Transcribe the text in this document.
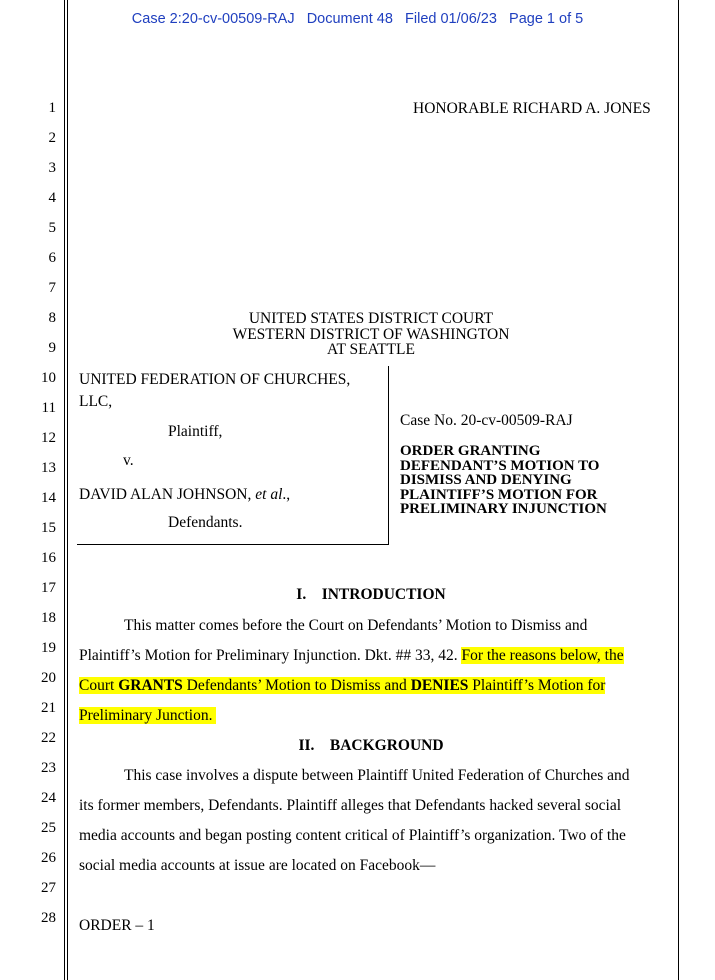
Case 2:20-cv-00509-RAJ Document 48 Filed 01/06/23 Page 1 of 5
1
2
3
4
5
6
7
8
9
10
11
12
13
14
15
16
17
18
19
20
21
22
23
24
25
26
27
28
HONORABLE RICHARD A. JONES
UNITED STATES DISTRICT COURT
WESTERN DISTRICT OF WASHINGTON
AT SEATTLE
UNITED FEDERATION OF CHURCHES,
LLC,
Plaintiff,
v.
DAVID ALAN JOHNSON, et al.,
Defendants.
Case No. 20-cv-00509-RAJ
ORDER GRANTING
DEFENDANT’S MOTION TO
DISMISS AND DENYING
PLAINTIFF’S MOTION FOR
PRELIMINARY INJUNCTION
I.    INTRODUCTION
This matter comes before the Court on Defendants’ Motion to Dismiss and
Plaintiff’s Motion for Preliminary Injunction. Dkt. ## 33, 42. For the reasons below, the
Court GRANTS Defendants’ Motion to Dismiss and DENIES Plaintiff’s Motion for
Preliminary Junction.
II.    BACKGROUND
This case involves a dispute between Plaintiff United Federation of Churches and
its former members, Defendants. Plaintiff alleges that Defendants hacked several social
media accounts and began posting content critical of Plaintiff’s organization. Two of the
social media accounts at issue are located on Facebook—
ORDER – 1
